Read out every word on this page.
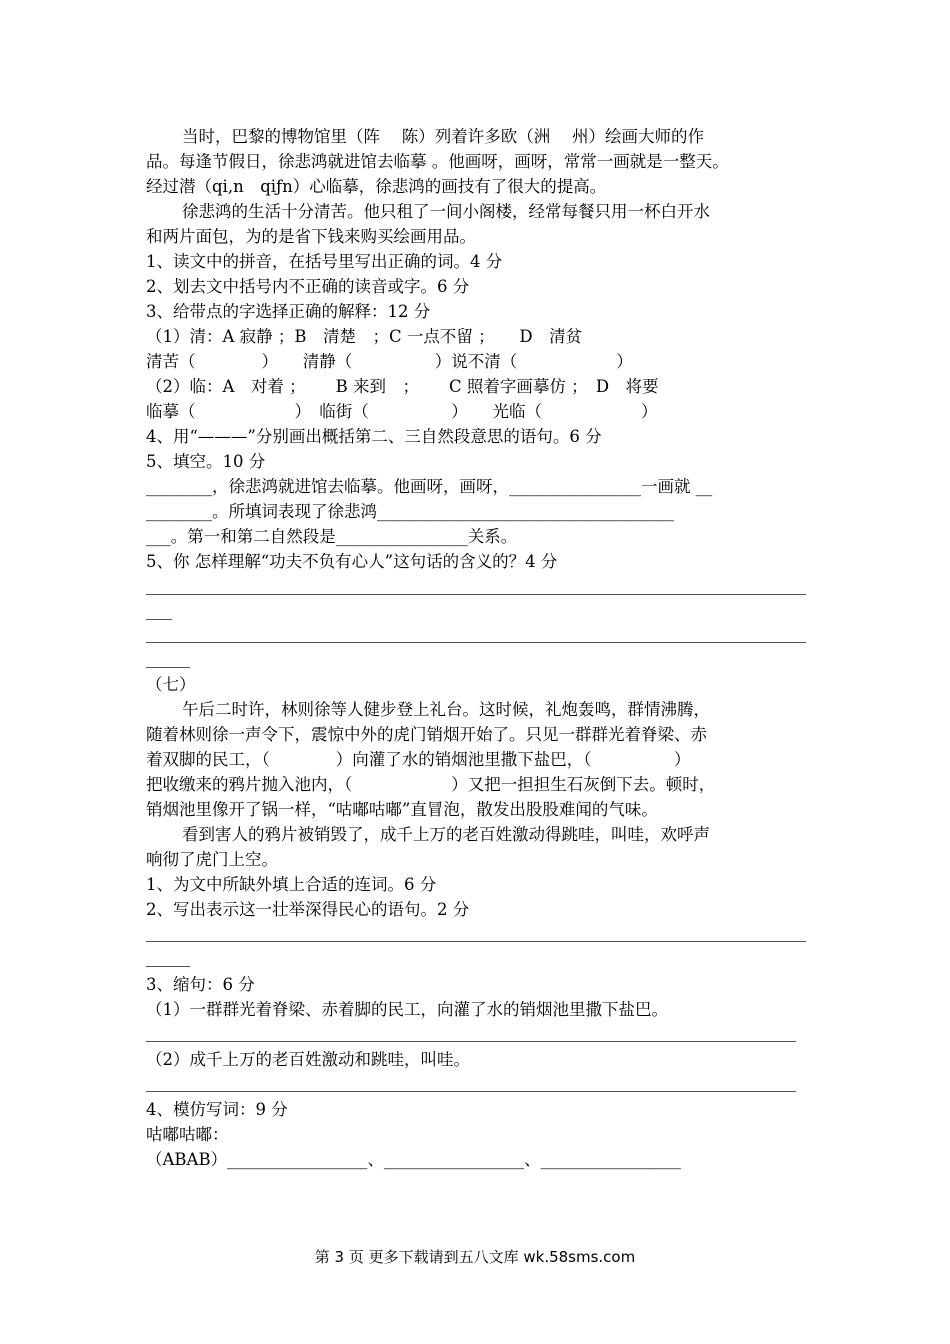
当时，巴黎的博物馆里（阵　 陈）列着许多欧（洲　 州）绘画大师的作
品。每逢节假日，徐悲鸿就进馆去临摹 。他画呀，画呀，常常一画就是一整天。
经过潜（qi,n　qiƒn）心临摹，徐悲鸿的画技有了很大的提高。
徐悲鸿的生活十分清苦。他只租了一间小阁楼，经常每餐只用一杯白开水
和两片面包，为的是省下钱来购买绘画用品。
1、读文中的拼音，在括号里写出正确的词。4 分
2、划去文中括号内不正确的读音或字。6 分
3、给带点的字选择正确的解释：12 分
（1）清：A 寂静 ；B　清楚　；C 一点不留 ；　　D　清贫
清苦（　　　　）　　清静（　　　　　）说不清（　　　　　　）
（2）临：A　对着 ；　　 B 来到　；　　 C 照着字画摹仿 ；　D　将要
临摹（　　　　　　）　临街（　　　　　）　　光临（　　　　　　）
4、用“———”分别画出概括第二、三自然段意思的语句。6 分
5、填空。10 分
________，徐悲鸿就进馆去临摹。他画呀，画呀，________________一画就 __
________。所填词表现了徐悲鸿____________________________________
___。第一和第二自然段是________________关系。
5、你 怎样理解“功夫不负有心人”这句话的含义的？4 分
（七）
午后二时许，林则徐等人健步登上礼台。这时候，礼炮轰鸣，群情沸腾，
随着林则徐一声令下，震惊中外的虎门销烟开始了。只见一群群光着脊梁、赤
着双脚的民工，（　　　　）向灌了水的销烟池里撒下盐巴，（　　　　　）
把收缴来的鸦片抛入池内，（　　　　　　）又把一担担生石灰倒下去。顿时，
销烟池里像开了锅一样，“咕嘟咕嘟”直冒泡，散发出股股难闻的气味。
看到害人的鸦片被销毁了，成千上万的老百姓激动得跳哇，叫哇，欢呼声
响彻了虎门上空。
1、为文中所缺外填上合适的连词。6 分
2、写出表示这一壮举深得民心的语句。2 分
3、缩句：6 分
（1）一群群光着脊梁、赤着脚的民工，向灌了水的销烟池里撒下盐巴。
（2）成千上万的老百姓激动和跳哇，叫哇。
4、模仿写词：9 分
咕嘟咕嘟：
（ABAB）_________________、_________________、_________________
第 3 页 更多下载请到五八文库 wk.58sms.com
